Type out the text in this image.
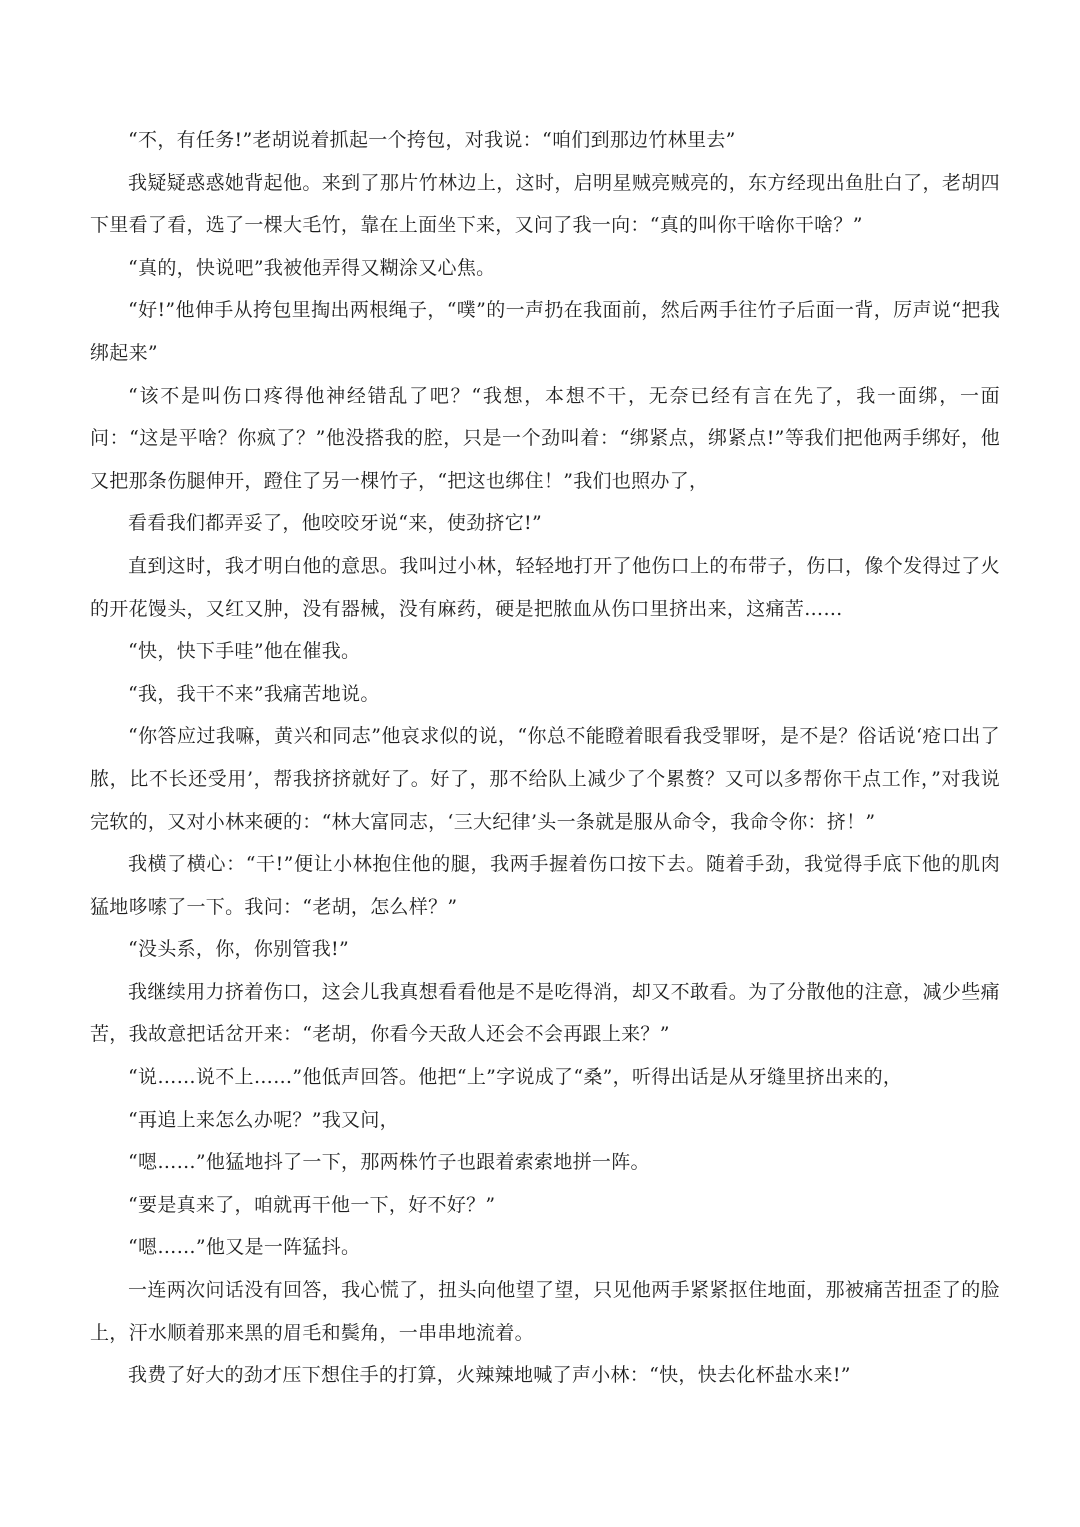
“不，有任务!”老胡说着抓起一个挎包，对我说：“咱们到那边竹林里去”

我疑疑惑惑她背起他。来到了那片竹林边上，这时，启明星贼亮贼亮的，东方经现出鱼肚白了，老胡四下里看了看，选了一棵大毛竹，靠在上面坐下来，又问了我一向：“真的叫你干啥你干啥？”

“真的，快说吧”我被他弄得又糊涂又心焦。

“好!”他伸手从挎包里掏出两根绳子，“噗”的一声扔在我面前，然后两手往竹子后面一背，厉声说“把我绑起来”

“该不是叫伤口疼得他神经错乱了吧？“我想，本想不干，无奈已经有言在先了，我一面绑，一面问：“这是平啥？你疯了？”他没搭我的腔，只是一个劲叫着：“绑紧点，绑紧点!”等我们把他两手绑好，他又把那条伤腿伸开，蹬住了另一棵竹子，“把这也绑住！”我们也照办了，

看看我们都弄妥了，他咬咬牙说“来，使劲挤它!”

直到这时，我才明白他的意思。我叫过小林，轻轻地打开了他伤口上的布带子，伤口，像个发得过了火的开花馒头，又红又肿，没有器械，没有麻药，硬是把脓血从伤口里挤出来，这痛苦……

“快，快下手哇”他在催我。

“我，我干不来”我痛苦地说。

“你答应过我嘛，黄兴和同志”他哀求似的说，“你总不能瞪着眼看我受罪呀，是不是？俗话说‘疮口出了脓，比不长还受用’，帮我挤挤就好了。好了，那不给队上减少了个累赘？又可以多帮你干点工作，”对我说完软的，又对小林来硬的：“林大富同志，‘三大纪律’头一条就是服从命令，我命令你：挤！”

我横了横心：“干!”便让小林抱住他的腿，我两手握着伤口按下去。随着手劲，我觉得手底下他的肌肉猛地哆嗦了一下。我问：“老胡，怎么样？”

“没头系，你，你别管我!”

我继续用力挤着伤口，这会儿我真想看看他是不是吃得消，却又不敢看。为了分散他的注意，减少些痛苦，我故意把话岔开来：“老胡，你看今天敌人还会不会再跟上来？”

“说……说不上……”他低声回答。他把“上”字说成了“桑”，听得出话是从牙缝里挤出来的，

“再追上来怎么办呢？”我又问，

“嗯……”他猛地抖了一下，那两株竹子也跟着索索地拼一阵。

“要是真来了，咱就再干他一下，好不好？”

“嗯……”他又是一阵猛抖。

一连两次问话没有回答，我心慌了，扭头向他望了望，只见他两手紧紧抠住地面，那被痛苦扭歪了的脸上，汗水顺着那来黑的眉毛和鬓角，一串串地流着。

我费了好大的劲才压下想住手的打算，火辣辣地喊了声小林：“快，快去化杯盐水来!”
